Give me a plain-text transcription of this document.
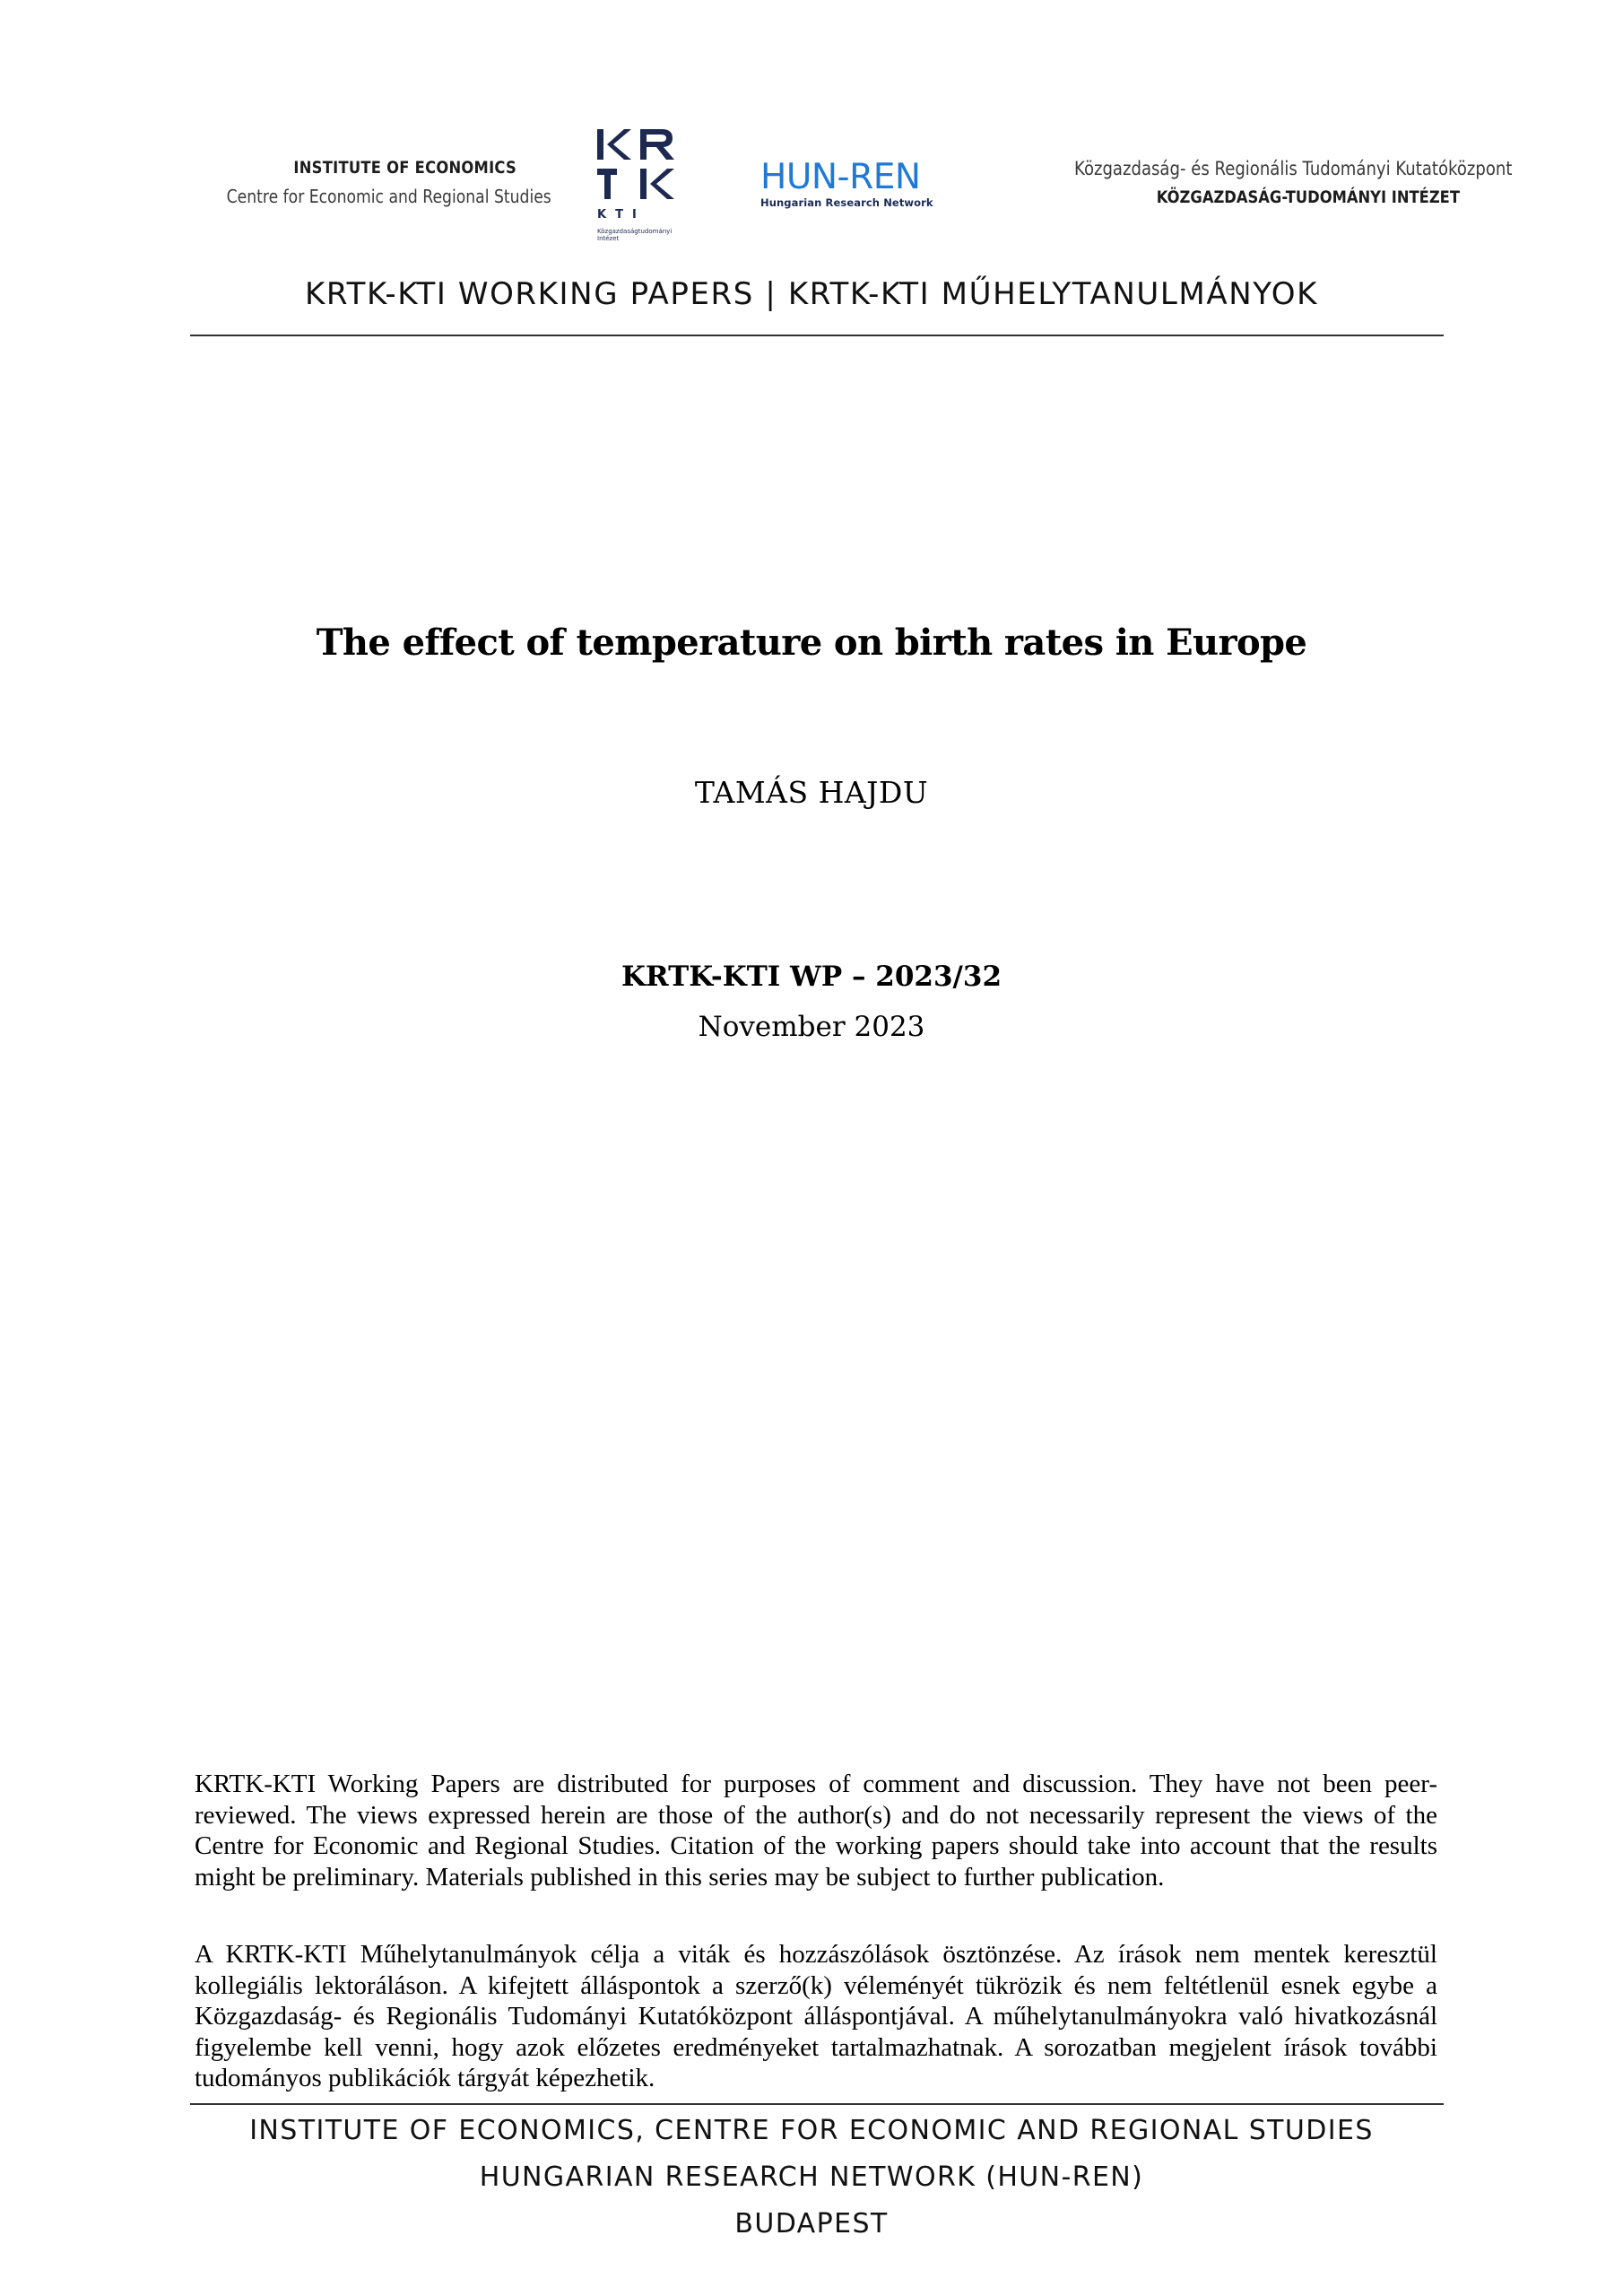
INSTITUTE OF ECONOMICS
Centre for Economic and Regional Studies
KTI
Közgazdaságtudományi Intézet
HUN-REN
Hungarian Research Network
Közgazdaság- és Regionális Tudományi Kutatóközpont
KÖZGAZDASÁG-TUDOMÁNYI INTÉZET
KRTK-KTI WORKING PAPERS | KRTK-KTI MŰHELYTANULMÁNYOK
The effect of temperature on birth rates in Europe
TAMÁS HAJDU
KRTK-KTI WP – 2023/32
November 2023
KRTK-KTI Working Papers are distributed for purposes of comment and discussion. They have not been peer-reviewed. The views expressed herein are those of the author(s) and do not necessarily represent the views of the Centre for Economic and Regional Studies. Citation of the working papers should take into account that the results might be preliminary. Materials published in this series may be subject to further publication.
A KRTK-KTI Műhelytanulmányok célja a viták és hozzászólások ösztönzése. Az írások nem mentek keresztül kollegiális lektoráláson. A kifejtett álláspontok a szerző(k) véleményét tükrözik és nem feltétlenül esnek egybe a Közgazdaság- és Regionális Tudományi Kutatóközpont álláspontjával. A műhelytanulmányokra való hivatkozásnál figyelembe kell venni, hogy azok előzetes eredményeket tartalmazhatnak. A sorozatban megjelent írások további tudományos publikációk tárgyát képezhetik.
INSTITUTE OF ECONOMICS, CENTRE FOR ECONOMIC AND REGIONAL STUDIES
HUNGARIAN RESEARCH NETWORK (HUN-REN)
BUDAPEST
